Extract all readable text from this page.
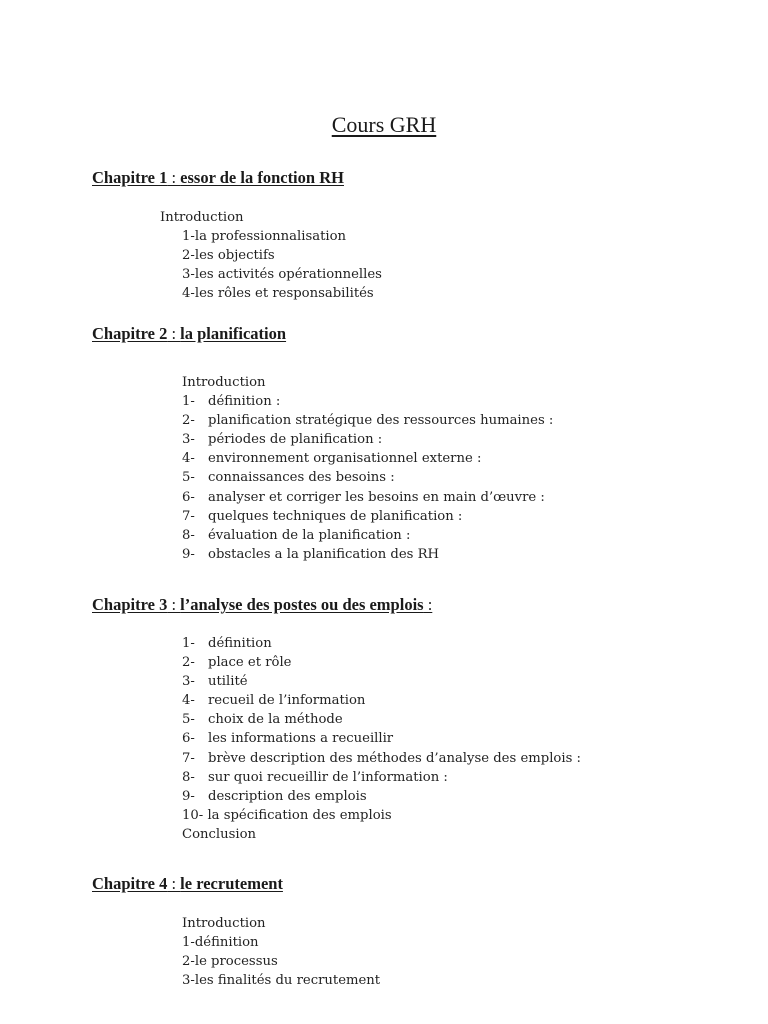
Cours GRH
Chapitre 1 : essor de la fonction RH
Introduction
1-la professionnalisation
2-les objectifs
3-les activités opérationnelles
4-les rôles et responsabilités
Chapitre 2 : la planification
Introduction
1- définition :
2- planification stratégique des ressources humaines :
3- périodes de planification :
4- environnement organisationnel externe :
5- connaissances des besoins :
6- analyser et corriger les besoins en main d’œuvre :
7- quelques techniques de planification :
8- évaluation de la planification :
9- obstacles a la planification des RH
Chapitre 3 : l’analyse des postes ou des emplois :
1- définition
2- place et rôle
3- utilité
4- recueil de l’information
5- choix de la méthode
6- les informations a recueillir
7- brève description des méthodes d’analyse des emplois :
8- sur quoi recueillir de l’information :
9- description des emplois
10- la spécification des emplois
Conclusion
Chapitre 4 : le recrutement
Introduction
1-définition
2-le processus
3-les finalités du recrutement
